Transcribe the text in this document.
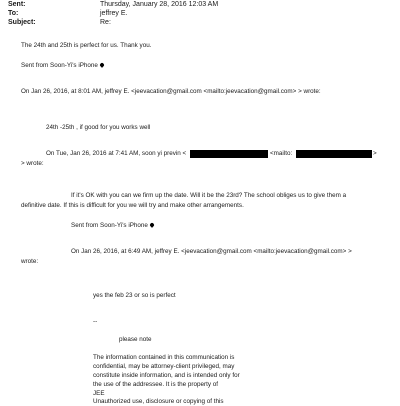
Sent:	Thursday, January 28, 2016 12:03 AM
To:	jeffrey E.
Subject:	Re:
The 24th and 25th is perfect for us. Thank you.
Sent from Soon-Yi's iPhone
On Jan 26, 2016, at 8:01 AM, jeffrey E. <jeevacation@gmail.com <mailto:jeevacation@gmail.com> > wrote:
24th -25th , if good for you works well
On Tue, Jan 26, 2016 at 7:41 AM, soon yi previn <	<mailto:	>
> wrote:
If it's OK with you can we firm up the date. Will it be the 23rd? The school obliges us to give them a
definitive date. If this is difficult for you we will try and make other arrangements.
Sent from Soon-Yi's iPhone
On Jan 26, 2016, at 6:49 AM, jeffrey E. <jeevacation@gmail.com <mailto:jeevacation@gmail.com> >
wrote:
yes the feb 23 or so is perfect
--
please note
The information contained in this communication is
confidential, may be attorney-client privileged, may
constitute inside information, and is intended only for
the use of the addressee. It is the property of
JEE
Unauthorized use, disclosure or copying of this
